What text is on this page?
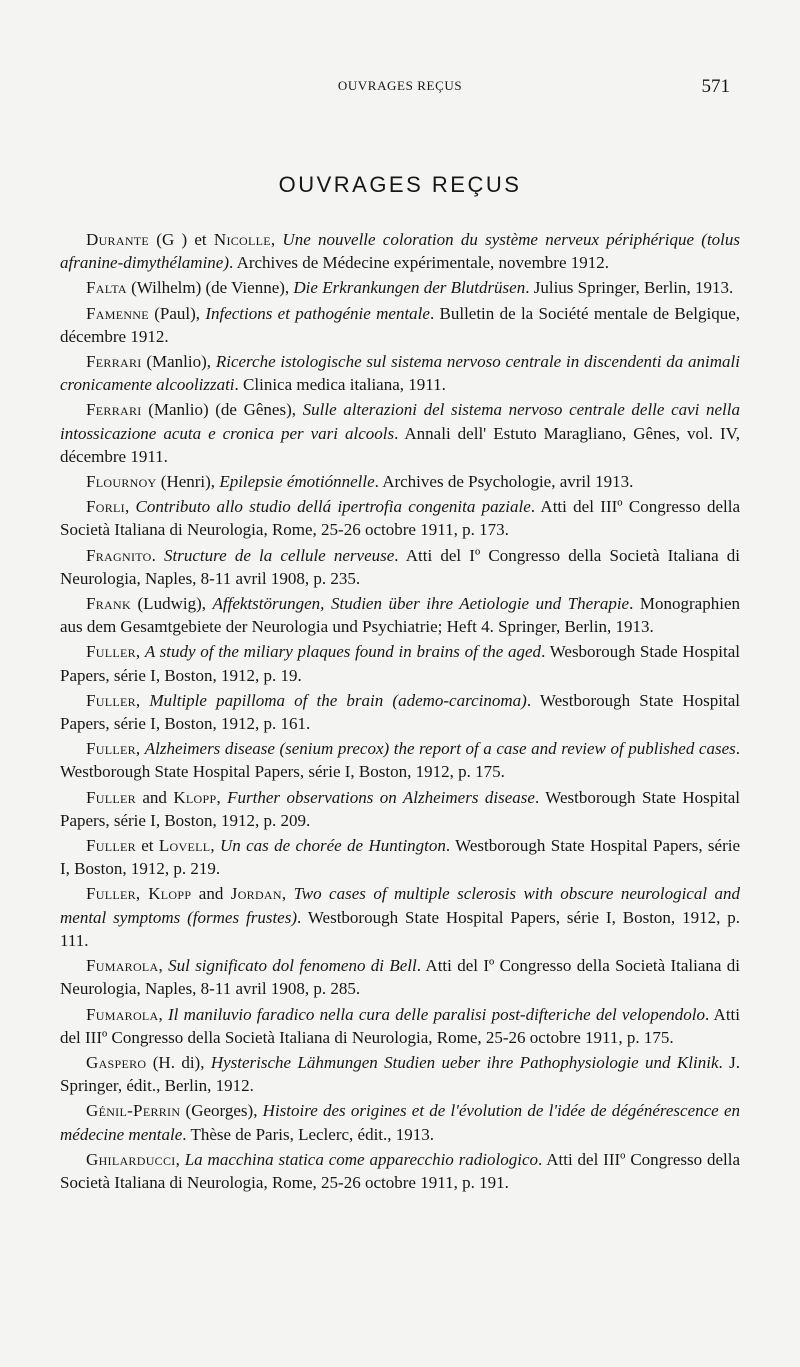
OUVRAGES REÇUS	571
OUVRAGES REÇUS

Durante (G ) et Nicolle, Une nouvelle coloration du système nerveux périphérique (tolus afranine-dimythélamine). Archives de Médecine expérimentale, novembre 1912.

Falta (Wilhelm) (de Vienne), Die Erkrankungen der Blutdrüsen. Julius Springer, Berlin, 1913.

Famenne (Paul), Infections et pathogénie mentale. Bulletin de la Société mentale de Belgique, décembre 1912.

Ferrari (Manlio), Ricerche istologische sul sistema nervoso centrale in discendenti da animali cronicamente alcoolizzati. Clinica medica italiana, 1911.

Ferrari (Manlio) (de Gênes), Sulle alterazioni del sistema nervoso centrale delle cavi nella intossicazione acuta e cronica per vari alcools. Annali dell' Estuto Maragliano, Gênes, vol. IV, décembre 1911.

Flournoy (Henri), Epilepsie émotiónnelle. Archives de Psychologie, avril 1913.

Forli, Contributo allo studio dellá ipertrofia congenita paziale. Atti del IIIº Congresso della Società Italiana di Neurologia, Rome, 25-26 octobre 1911, p. 173.

Fragnito. Structure de la cellule nerveuse. Atti del Iº Congresso della Società Italiana di Neurologia, Naples, 8-11 avril 1908, p. 235.

Frank (Ludwig), Affektstörungen, Studien über ihre Aetiologie und Therapie. Monographien aus dem Gesamtgebiete der Neurologia und Psychiatrie; Heft 4. Springer, Berlin, 1913.

Fuller, A study of the miliary plaques found in brains of the aged. Wesborough Stade Hospital Papers, série I, Boston, 1912, p. 19.

Fuller, Multiple papilloma of the brain (ademo-carcinoma). Westborough State Hospital Papers, série I, Boston, 1912, p. 161.

Fuller, Alzheimers disease (senium precox) the report of a case and review of published cases. Westborough State Hospital Papers, série I, Boston, 1912, p. 175.

Fuller and Klopp, Further observations on Alzheimers disease. Westborough State Hospital Papers, série I, Boston, 1912, p. 209.

Fuller et Lovell, Un cas de chorée de Huntington. Westborough State Hospital Papers, série I, Boston, 1912, p. 219.

Fuller, Klopp and Jordan, Two cases of multiple sclerosis with obscure neurological and mental symptoms (formes frustes). Westborough State Hospital Papers, série I, Boston, 1912, p. 111.

Fumarola, Sul significato dol fenomeno di Bell. Atti del Iº Congresso della Società Italiana di Neurologia, Naples, 8-11 avril 1908, p. 285.

Fumarola, Il maniluvio faradico nella cura delle paralisi post-difteriche del velopendolo. Atti del IIIº Congresso della Società Italiana di Neurologia, Rome, 25-26 octobre 1911, p. 175.

Gaspero (H. di), Hysterische Lähmungen Studien ueber ihre Pathophysiologie und Klinik. J. Springer, édit., Berlin, 1912.

Génil-Perrin (Georges), Histoire des origines et de l'évolution de l'idée de dégénérescence en médecine mentale. Thèse de Paris, Leclerc, édit., 1913.

Ghilarducci, La macchina statica come apparecchio radiologico. Atti del IIIº Congresso della Società Italiana di Neurologia, Rome, 25-26 octobre 1911, p. 191.
